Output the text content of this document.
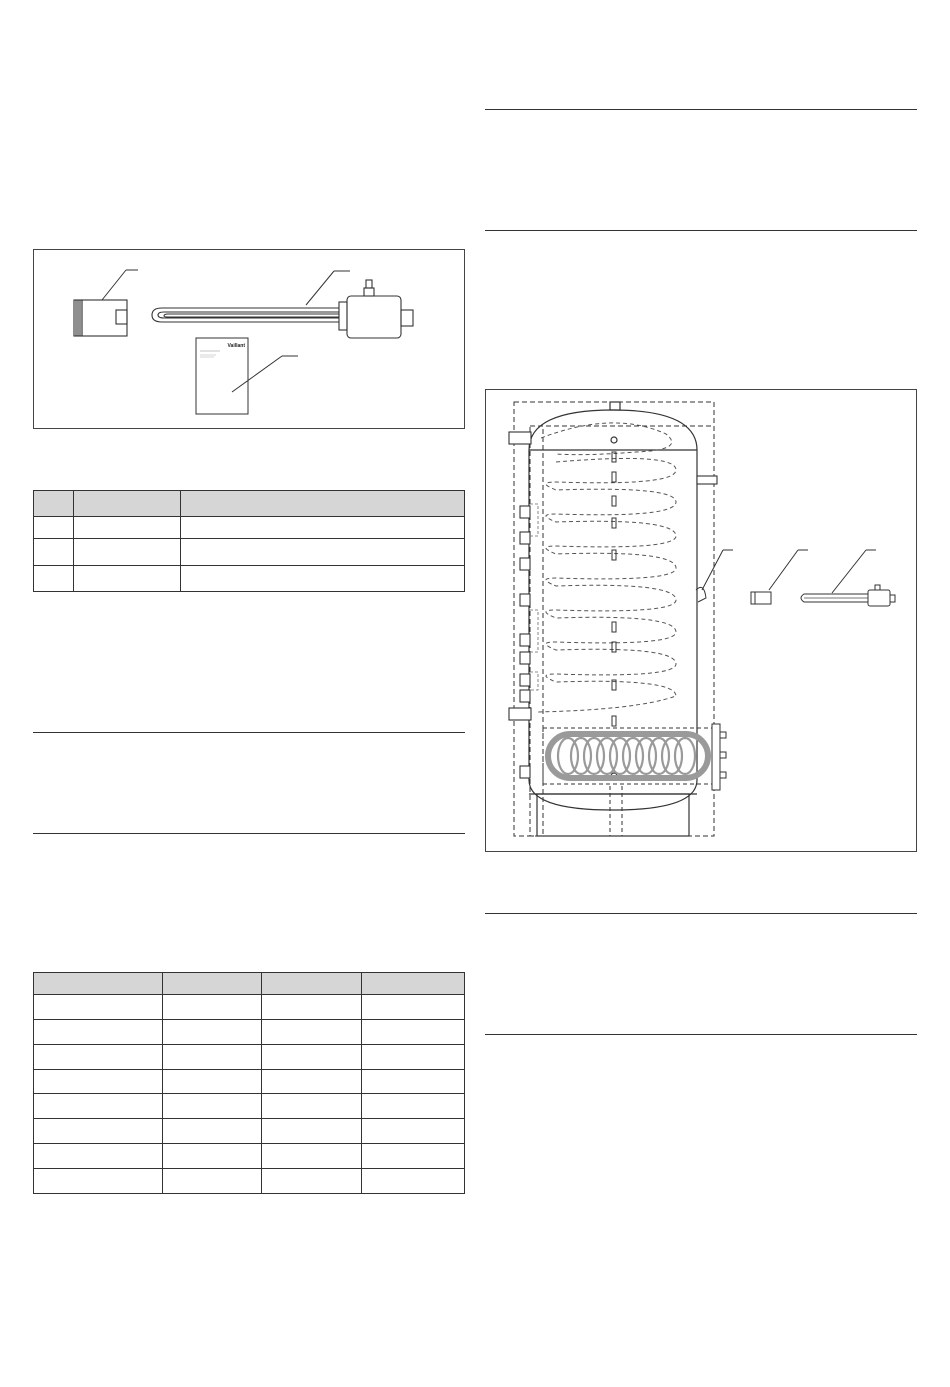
Vaillant
